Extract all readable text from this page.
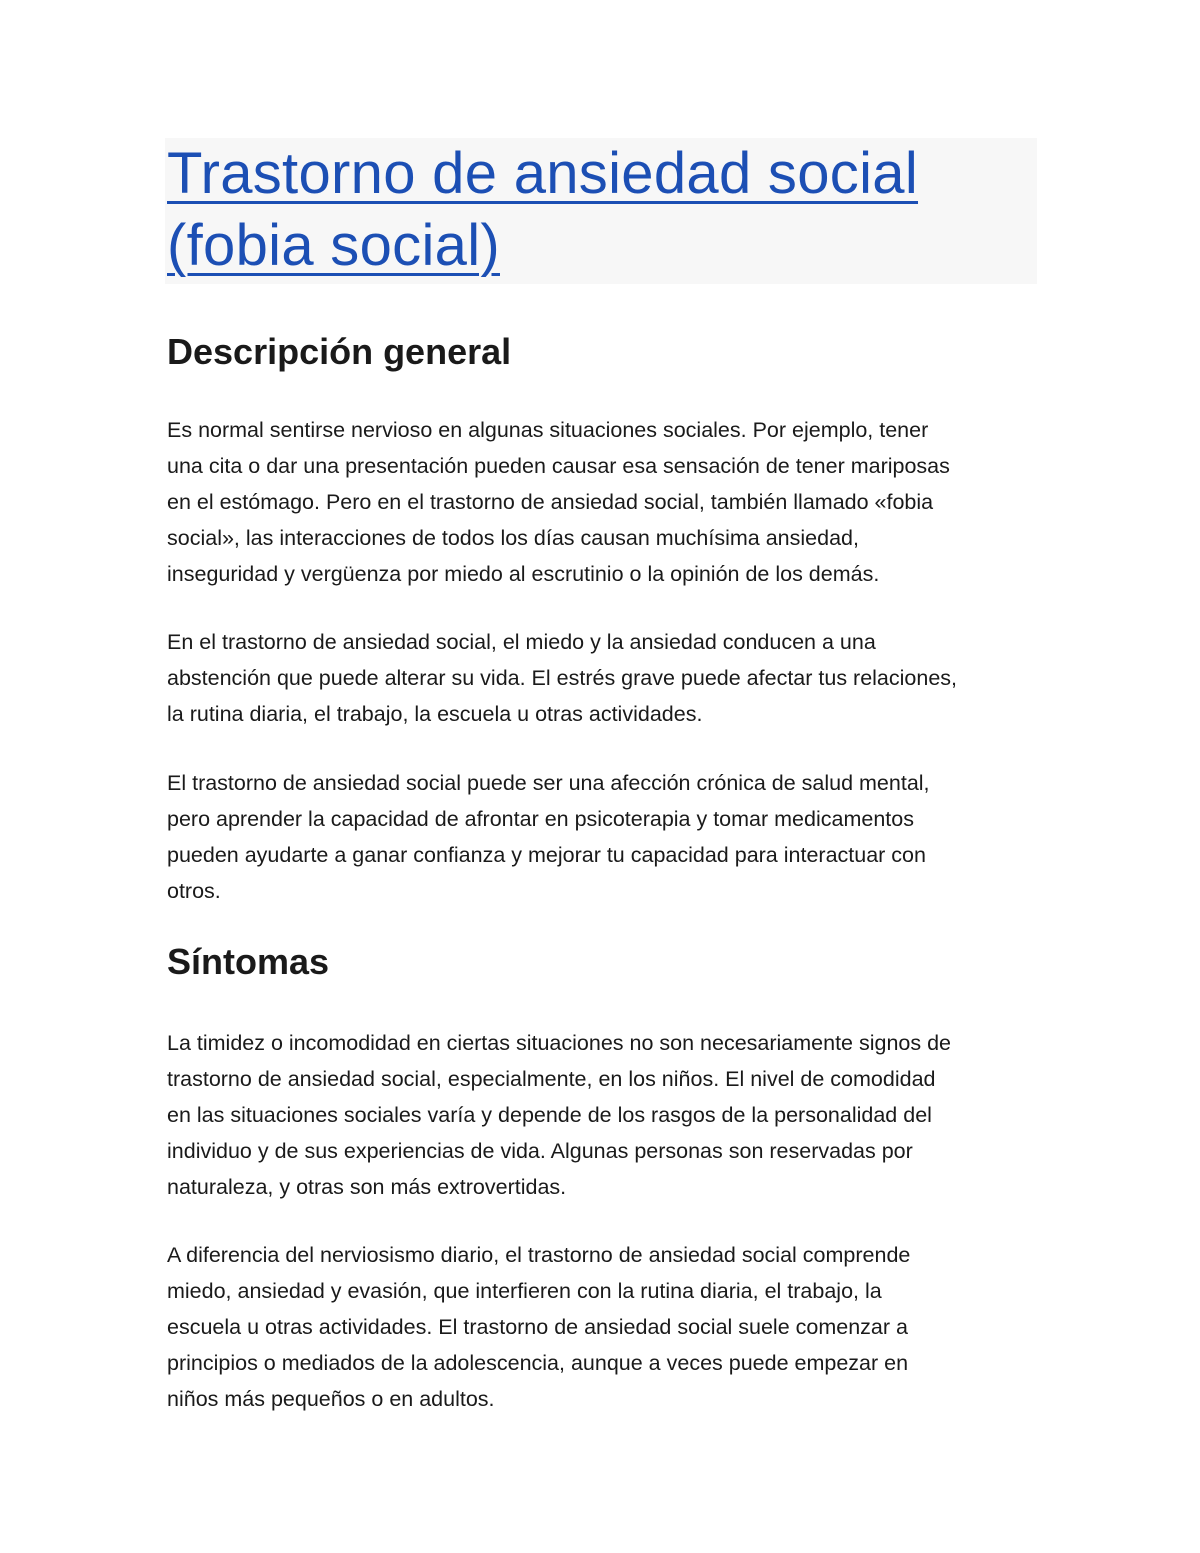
Trastorno de ansiedad social
(fobia social)
Descripción general

Es normal sentirse nervioso en algunas situaciones sociales. Por ejemplo, tener
una cita o dar una presentación pueden causar esa sensación de tener mariposas
en el estómago. Pero en el trastorno de ansiedad social, también llamado «fobia
social», las interacciones de todos los días causan muchísima ansiedad,
inseguridad y vergüenza por miedo al escrutinio o la opinión de los demás.

En el trastorno de ansiedad social, el miedo y la ansiedad conducen a una
abstención que puede alterar su vida. El estrés grave puede afectar tus relaciones,
la rutina diaria, el trabajo, la escuela u otras actividades.

El trastorno de ansiedad social puede ser una afección crónica de salud mental,
pero aprender la capacidad de afrontar en psicoterapia y tomar medicamentos
pueden ayudarte a ganar confianza y mejorar tu capacidad para interactuar con
otros.

Síntomas

La timidez o incomodidad en ciertas situaciones no son necesariamente signos de
trastorno de ansiedad social, especialmente, en los niños. El nivel de comodidad
en las situaciones sociales varía y depende de los rasgos de la personalidad del
individuo y de sus experiencias de vida. Algunas personas son reservadas por
naturaleza, y otras son más extrovertidas.

A diferencia del nerviosismo diario, el trastorno de ansiedad social comprende
miedo, ansiedad y evasión, que interfieren con la rutina diaria, el trabajo, la
escuela u otras actividades. El trastorno de ansiedad social suele comenzar a
principios o mediados de la adolescencia, aunque a veces puede empezar en
niños más pequeños o en adultos.
